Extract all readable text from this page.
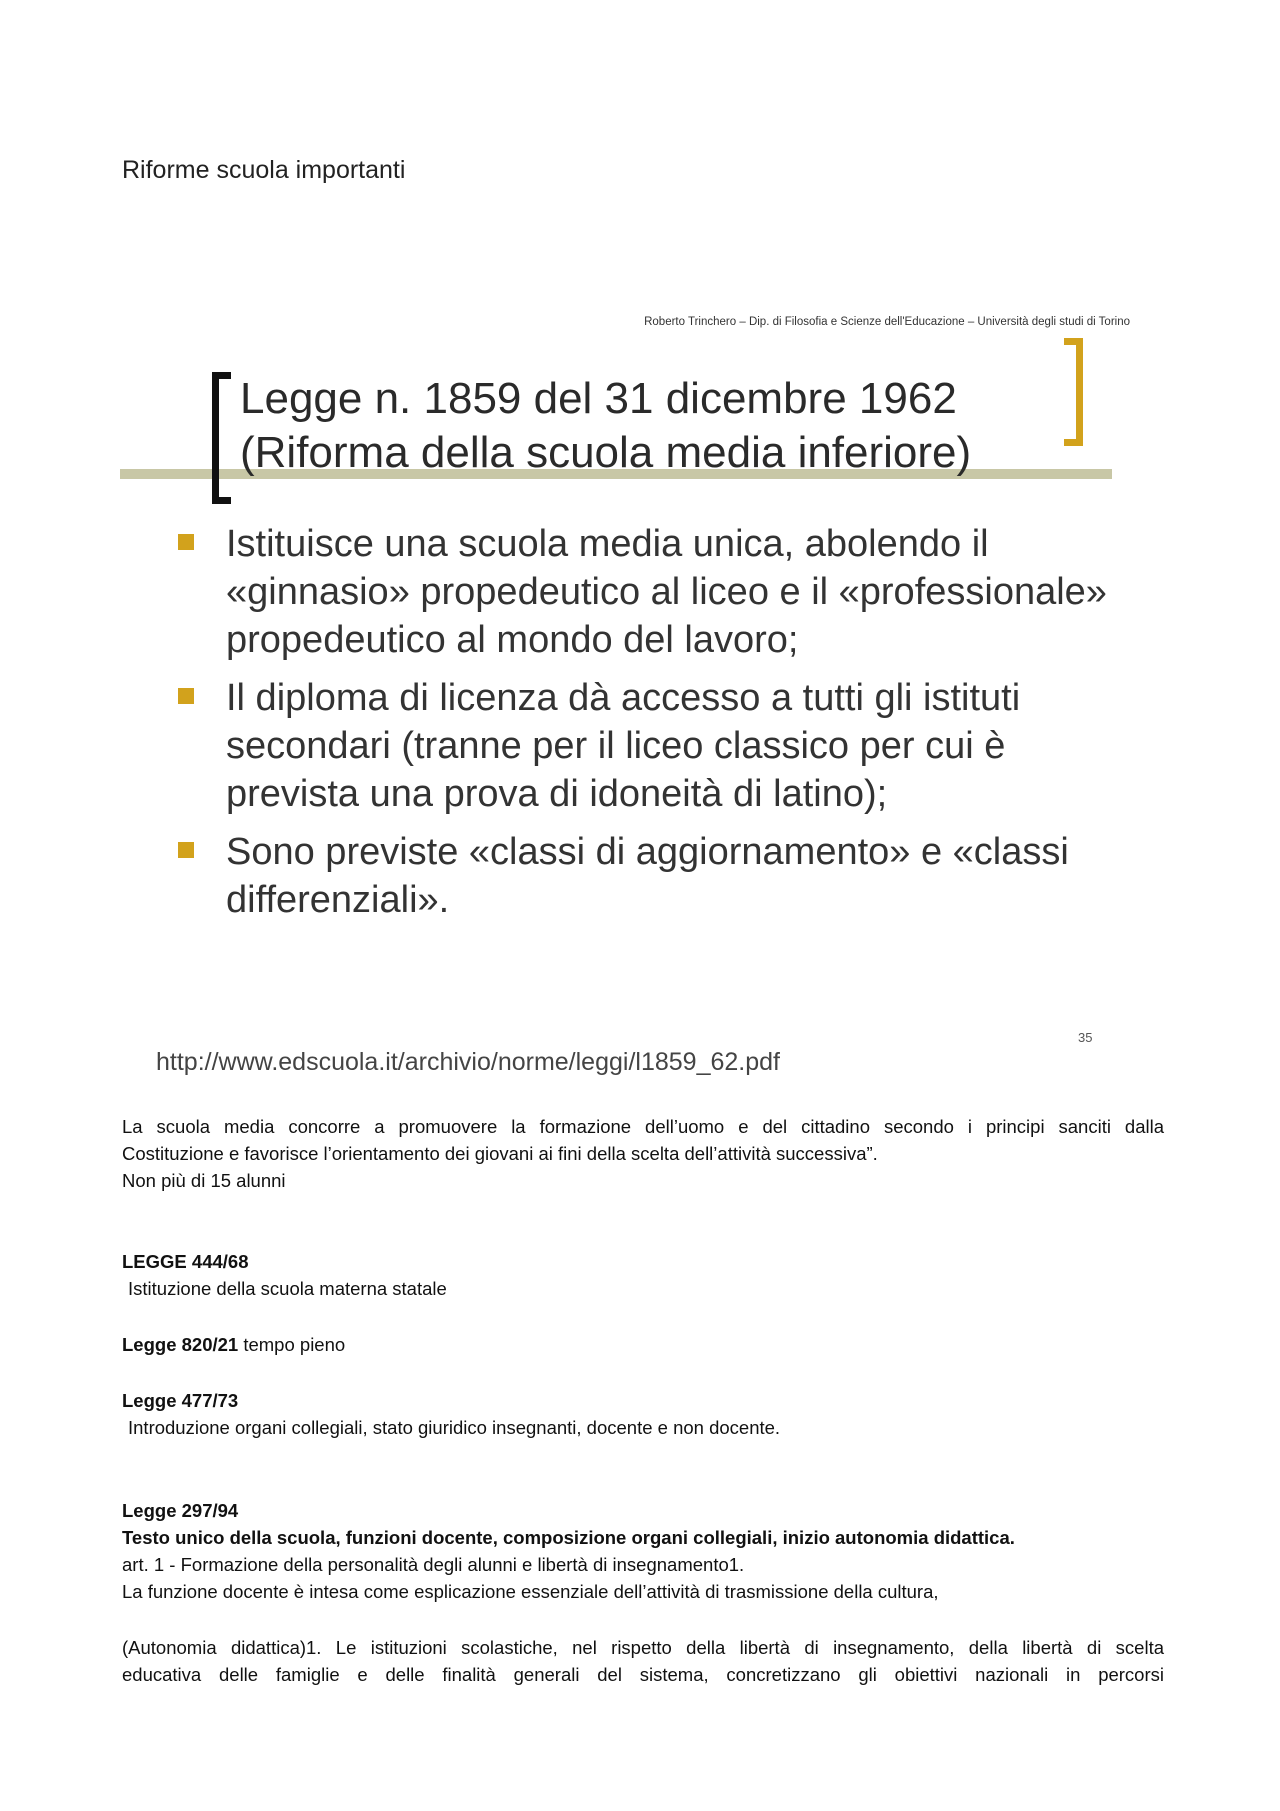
Riforme scuola importanti
Roberto Trinchero – Dip. di Filosofia e Scienze dell'Educazione – Università degli studi di Torino
Legge n. 1859 del 31 dicembre 1962
(Riforma della scuola media inferiore)
Istituisce una scuola media unica, abolendo il «ginnasio» propedeutico al liceo e il «professionale» propedeutico al mondo del lavoro;
Il diploma di licenza dà accesso a tutti gli istituti secondari (tranne per il liceo classico per cui è prevista una prova di idoneità di latino);
Sono previste «classi di aggiornamento» e «classi differenziali».
35
http://www.edscuola.it/archivio/norme/leggi/l1859_62.pdf
La scuola media concorre a promuovere la formazione dell’uomo e del cittadino secondo i principi sanciti dalla
Costituzione e favorisce l’orientamento dei giovani ai fini della scelta dell’attività successiva”.
Non più di 15 alunni
LEGGE 444/68
Istituzione della scuola materna statale
Legge 820/21 tempo pieno
Legge 477/73
Introduzione organi collegiali, stato giuridico insegnanti, docente e non docente.
Legge 297/94
Testo unico della scuola, funzioni docente, composizione organi collegiali, inizio autonomia didattica.
art. 1 - Formazione della personalità degli alunni e libertà di insegnamento1.
La funzione docente è intesa come esplicazione essenziale dell’attività di trasmissione della cultura,
(Autonomia didattica)1. Le istituzioni scolastiche, nel rispetto della libertà di insegnamento, della libertà di scelta
educativa delle famiglie e delle finalità generali del sistema, concretizzano gli obiettivi nazionali in percorsi
